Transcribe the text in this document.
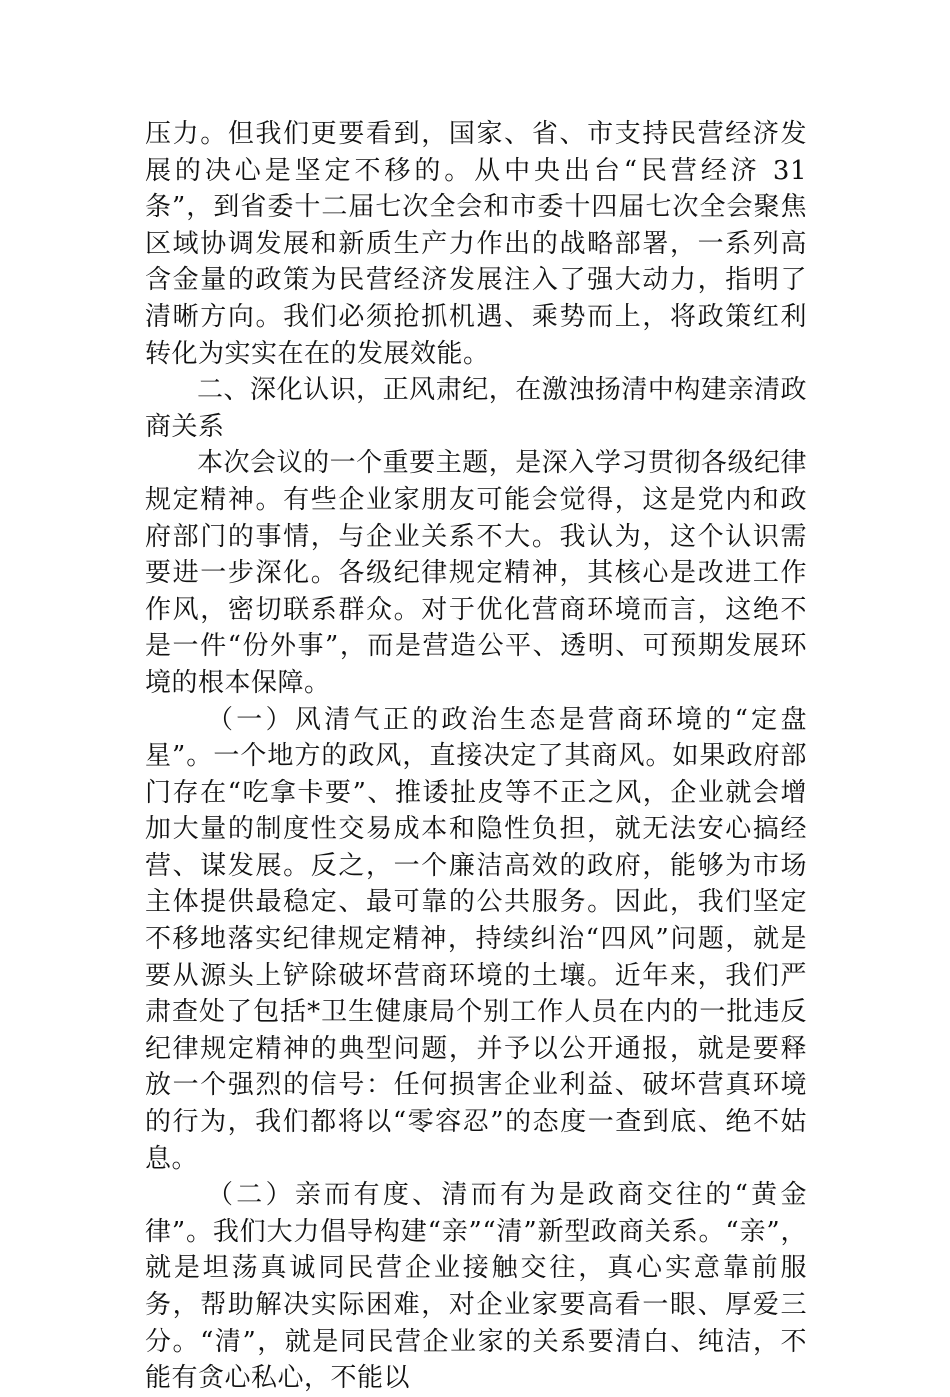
压力。但我们更要看到，国家、省、市支持民营经济发展的决心是坚定不移的。从中央出台“民营经济 31 条”，到省委十二届七次全会和市委十四届七次全会聚焦区域协调发展和新质生产力作出的战略部署，一系列高含金量的政策为民营经济发展注入了强大动力，指明了清晰方向。我们必须抢抓机遇、乘势而上，将政策红利转化为实实在在的发展效能。

二、深化认识，正风肃纪，在激浊扬清中构建亲清政商关系

本次会议的一个重要主题，是深入学习贯彻各级纪律规定精神。有些企业家朋友可能会觉得，这是党内和政府部门的事情，与企业关系不大。我认为，这个认识需要进一步深化。各级纪律规定精神，其核心是改进工作作风，密切联系群众。对于优化营商环境而言，这绝不是一件“份外事”，而是营造公平、透明、可预期发展环境的根本保障。

（一）风清气正的政治生态是营商环境的“定盘星”。一个地方的政风，直接决定了其商风。如果政府部门存在“吃拿卡要”、推诿扯皮等不正之风，企业就会增加大量的制度性交易成本和隐性负担，就无法安心搞经营、谋发展。反之，一个廉洁高效的政府，能够为市场主体提供最稳定、最可靠的公共服务。因此，我们坚定不移地落实纪律规定精神，持续纠治“四风”问题，就是要从源头上铲除破坏营商环境的土壤。近年来，我们严肃查处了包括*卫生健康局个别工作人员在内的一批违反纪律规定精神的典型问题，并予以公开通报，就是要释放一个强烈的信号：任何损害企业利益、破坏营真环境的行为，我们都将以“零容忍”的态度一查到底、绝不姑息。

（二）亲而有度、清而有为是政商交往的“黄金律”。我们大力倡导构建“亲”“清”新型政商关系。“亲”，就是坦荡真诚同民营企业接触交往，真心实意靠前服务，帮助解决实际困难，对企业家要高看一眼、厚爱三分。“清”，就是同民营企业家的关系要清白、纯洁，不能有贪心私心，不能以
